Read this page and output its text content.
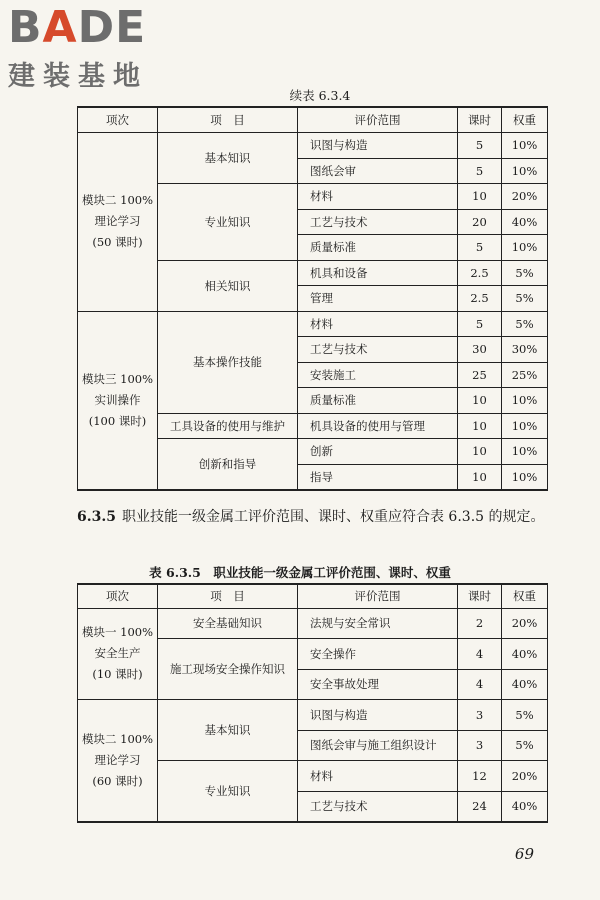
BADE
建装基地
续表 6.3.4
项次	项　目	评价范围	课时	权重

模块二 100%
理论学习
(50 课时)	基本知识	识图与构造	5	10%
		图纸会审	5	10%
	专业知识	材料	10	20%
		工艺与技术	20	40%
		质量标准	5	10%
	相关知识	机具和设备	2.5	5%
		管理	2.5	5%

模块三 100%
实训操作
(100 课时)	基本操作技能	材料	5	5%
		工艺与技术	30	30%
		安装施工	25	25%
		质量标准	10	10%
	工具设备的使用与维护	机具设备的使用与管理	10	10%
	创新和指导	创新	10	10%
		指导	10	10%
6.3.5 职业技能一级金属工评价范围、课时、权重应符合表 6.3.5 的规定。
表 6.3.5　职业技能一级金属工评价范围、课时、权重
项次	项　目	评价范围	课时	权重

模块一 100%
安全生产
(10 课时)	安全基础知识	法规与安全常识	2	20%
	施工现场安全操作知识	安全操作	4	40%
		安全事故处理	4	40%

模块二 100%
理论学习
(60 课时)	基本知识	识图与构造	3	5%
		图纸会审与施工组织设计	3	5%
	专业知识	材料	12	20%
		工艺与技术	24	40%
69
